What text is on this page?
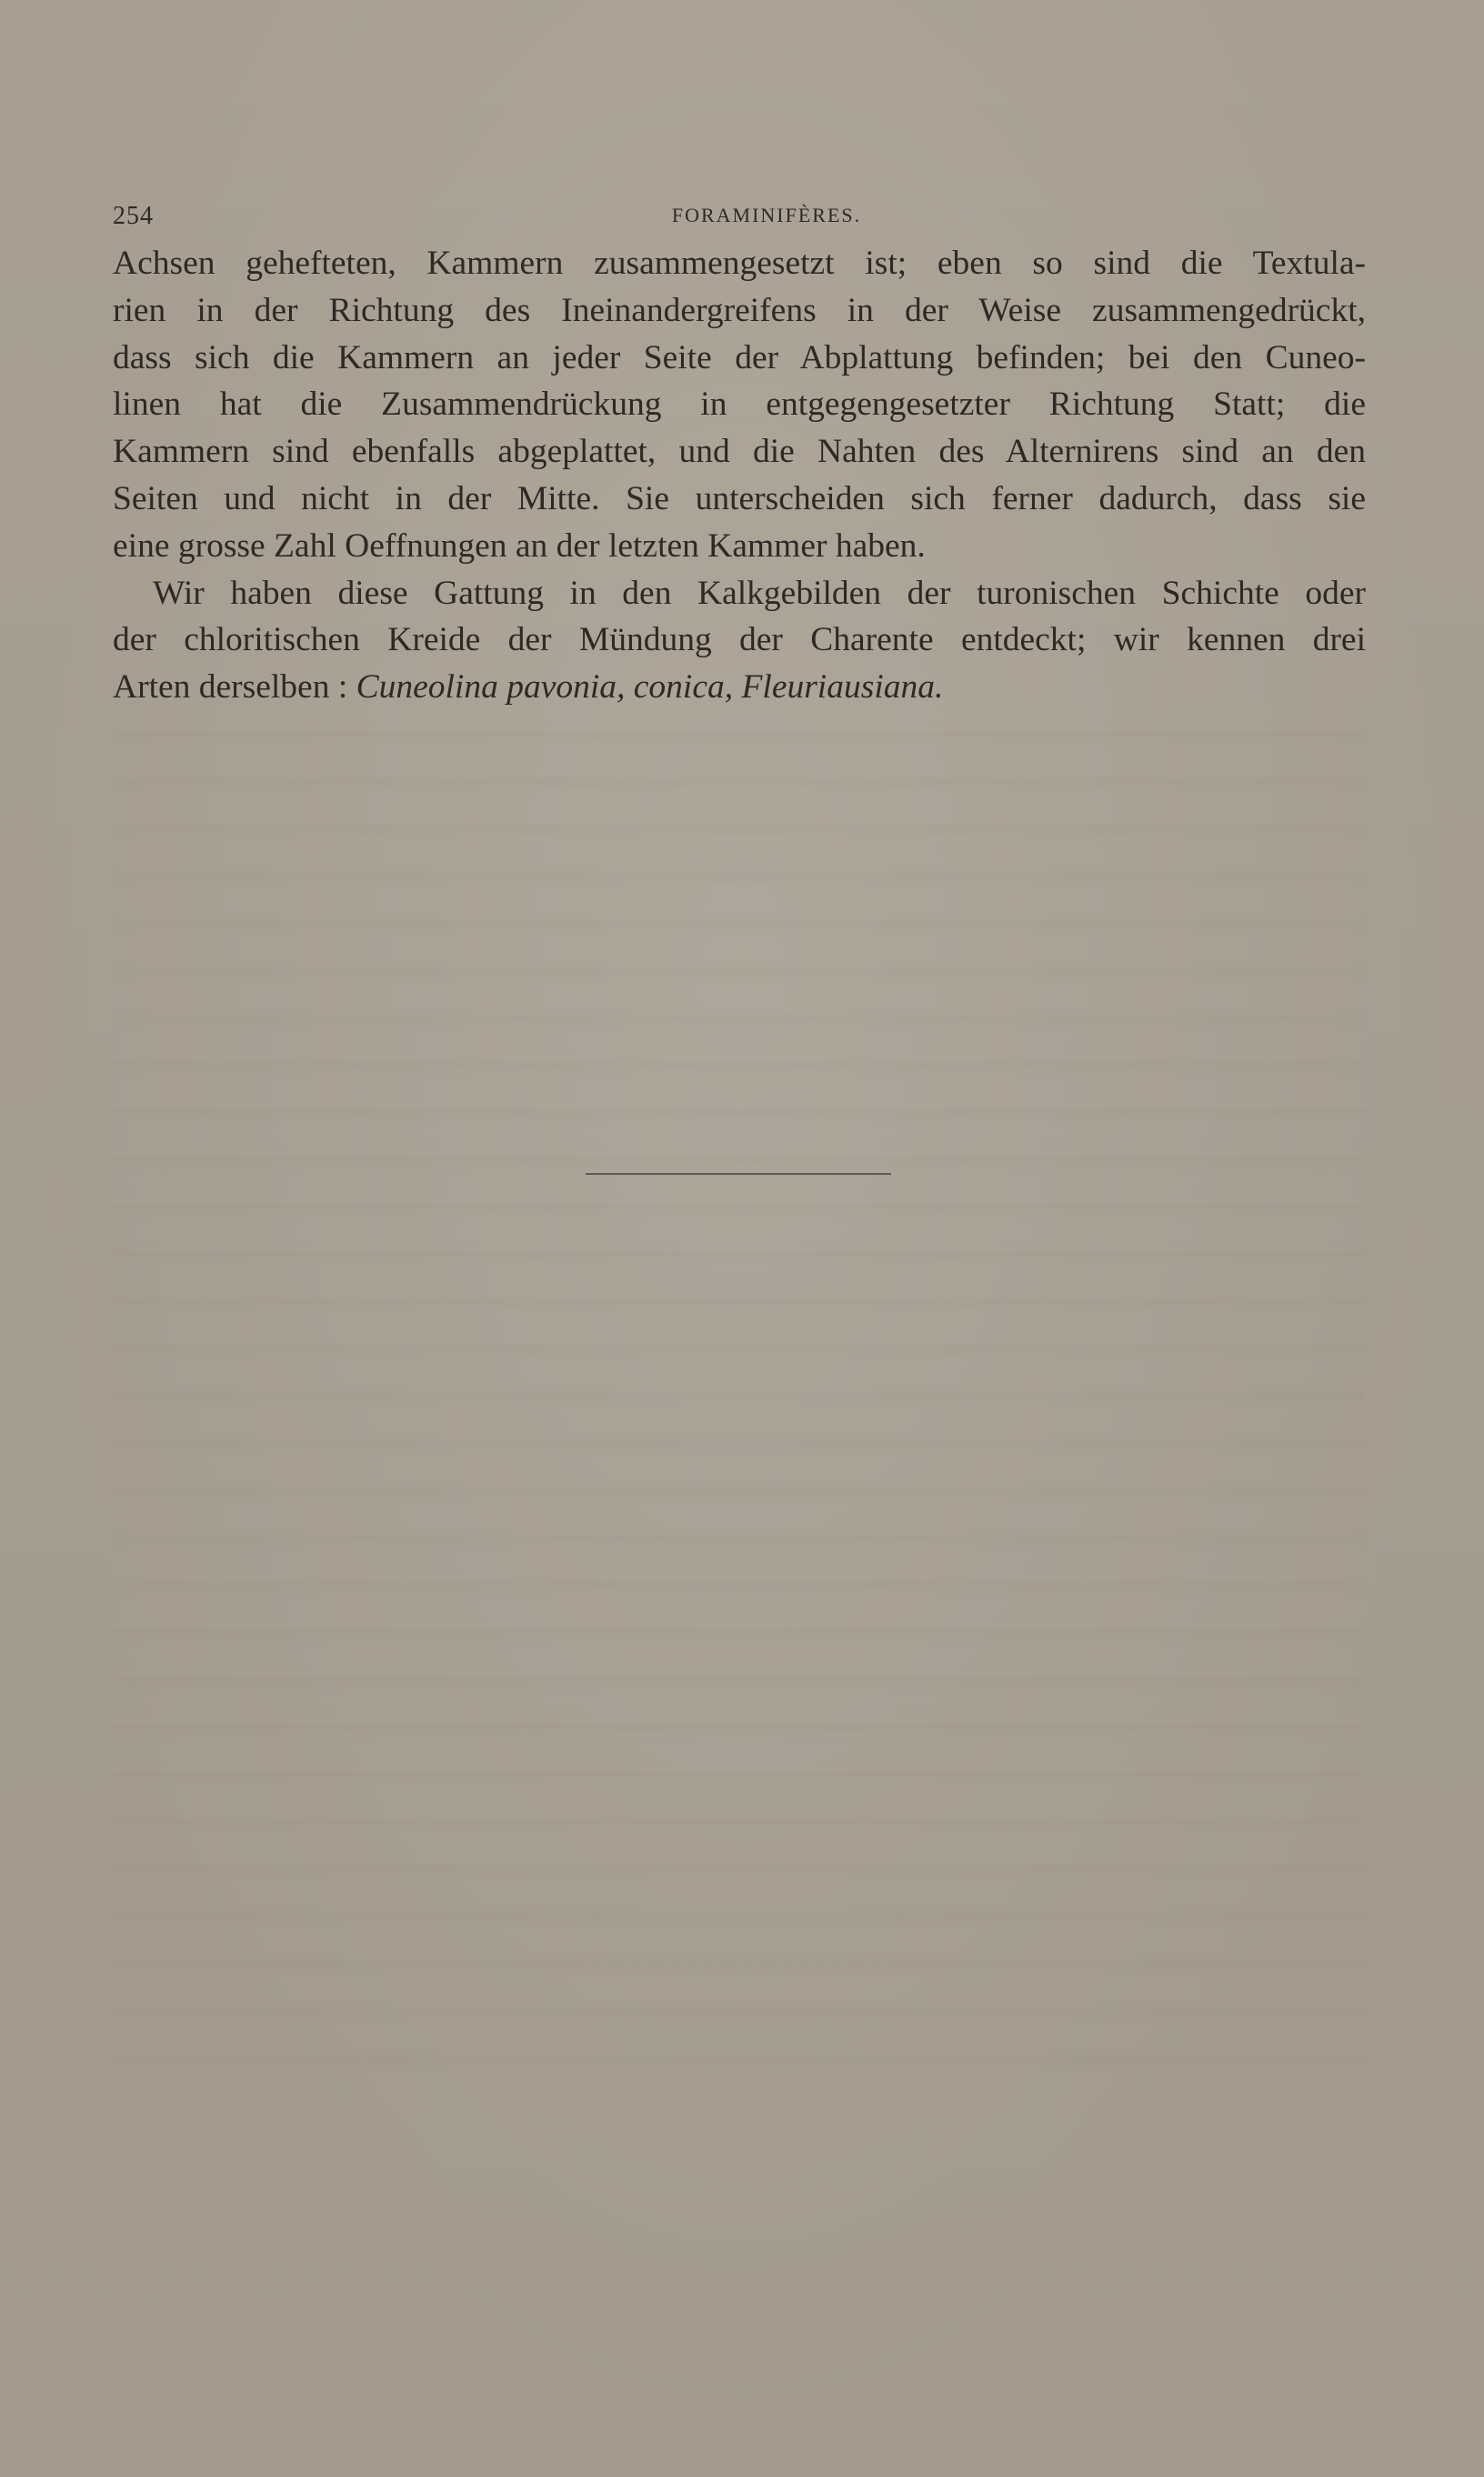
254	FORAMINIFÈRES.
Achsen gehefteten, Kammern zusammengesetzt ist; eben so sind die Textula-
rien in der Richtung des Ineinandergreifens in der Weise zusammengedrückt,
dass sich die Kammern an jeder Seite der Abplattung befinden; bei den Cuneo-
linen hat die Zusammendrückung in entgegengesetzter Richtung Statt; die
Kammern sind ebenfalls abgeplattet, und die Nahten des Alternirens sind an den
Seiten und nicht in der Mitte. Sie unterscheiden sich ferner dadurch, dass sie
eine grosse Zahl Oeffnungen an der letzten Kammer haben.
Wir haben diese Gattung in den Kalkgebilden der turonischen Schichte oder
der chloritischen Kreide der Mündung der Charente entdeckt; wir kennen drei
Arten derselben : Cuneolina pavonia, conica, Fleuriausiana.
